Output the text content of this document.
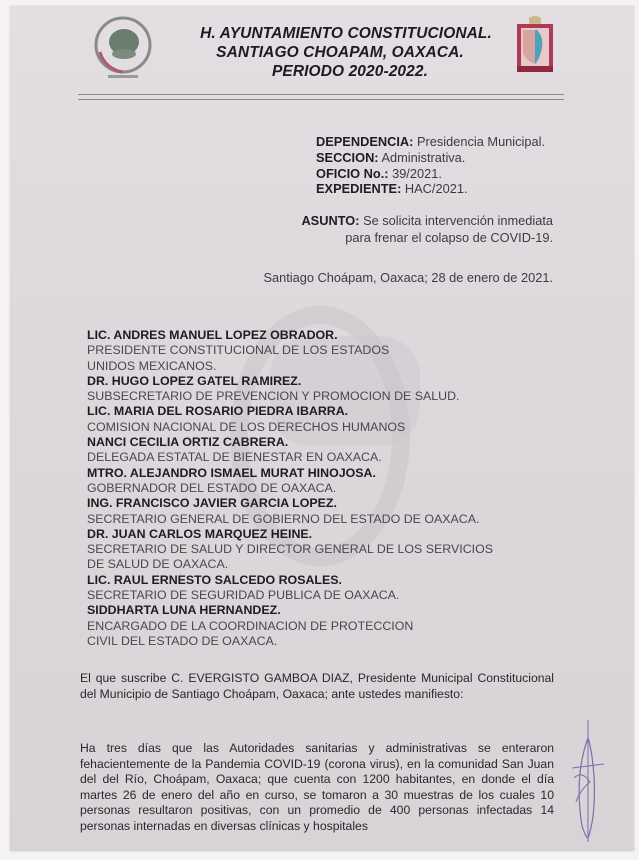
H. AYUNTAMIENTO CONSTITUCIONAL.
SANTIAGO CHOAPAM, OAXACA.
PERIODO 2020-2022.
DEPENDENCIA: Presidencia Municipal.
SECCION: Administrativa.
OFICIO No.: 39/2021.
EXPEDIENTE: HAC/2021.
ASUNTO: Se solicita intervención inmediata
para frenar el colapso de COVID-19.
Santiago Choápam, Oaxaca; 28 de enero de 2021.
LIC. ANDRES MANUEL LOPEZ OBRADOR.
PRESIDENTE CONSTITUCIONAL DE LOS ESTADOS
UNIDOS MEXICANOS.
DR. HUGO LOPEZ GATEL RAMIREZ.
SUBSECRETARIO DE PREVENCION Y PROMOCION DE SALUD.
LIC. MARIA DEL ROSARIO PIEDRA IBARRA.
COMISION NACIONAL DE LOS DERECHOS HUMANOS
NANCI CECILIA ORTIZ CABRERA.
DELEGADA ESTATAL DE BIENESTAR EN OAXACA.
MTRO. ALEJANDRO ISMAEL MURAT HINOJOSA.
GOBERNADOR DEL ESTADO DE OAXACA.
ING. FRANCISCO JAVIER GARCIA LOPEZ.
SECRETARIO GENERAL DE GOBIERNO DEL ESTADO DE OAXACA.
DR. JUAN CARLOS MARQUEZ HEINE.
SECRETARIO DE SALUD Y DIRECTOR GENERAL DE LOS SERVICIOS
DE SALUD DE OAXACA.
LIC. RAUL ERNESTO SALCEDO ROSALES.
SECRETARIO DE SEGURIDAD PUBLICA DE OAXACA.
SIDDHARTA LUNA HERNANDEZ.
ENCARGADO DE LA COORDINACION DE PROTECCION
CIVIL DEL ESTADO DE OAXACA.
El que suscribe C. EVERGISTO GAMBOA DIAZ, Presidente Municipal Constitucional del Municipio de Santiago Choápam, Oaxaca; ante ustedes manifiesto:
Ha tres días que las Autoridades sanitarias y administrativas se enteraron fehacientemente de la Pandemia COVID-19 (corona virus), en la comunidad San Juan del del Río, Choápam, Oaxaca; que cuenta con 1200 habitantes, en donde el día martes 26 de enero del año en curso, se tomaron a 30 muestras de los cuales 10 personas resultaron positivas, con un promedio de 400 personas infectadas 14 personas internadas en diversas clínicas y hospitales
